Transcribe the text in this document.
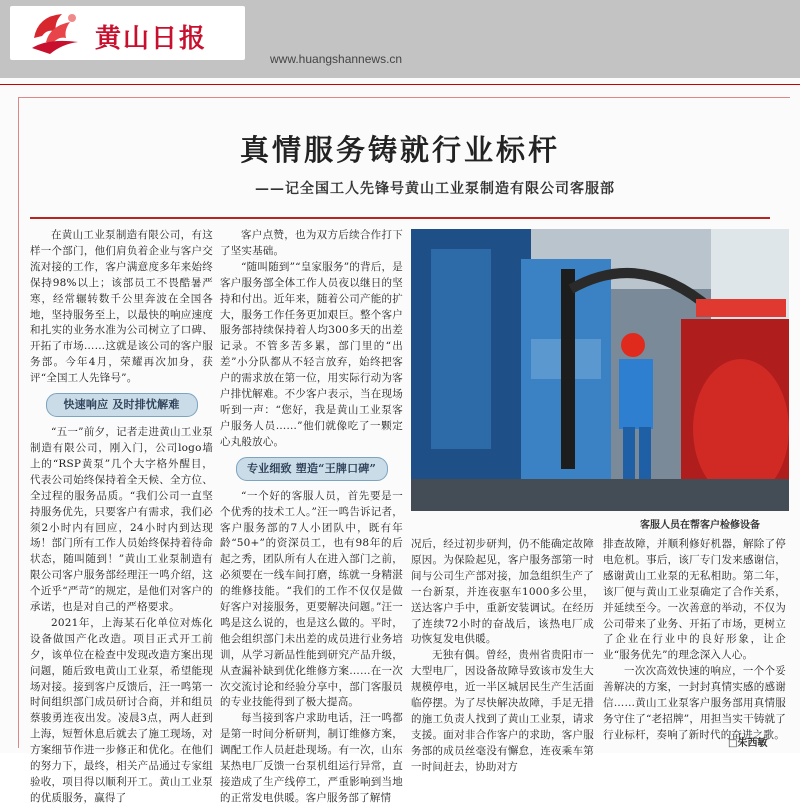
黄山日报
www.huangshannews.cn
真情服务铸就行业标杆
——记全国工人先锋号黄山工业泵制造有限公司客服部

在黄山工业泵制造有限公司，有这样一个部门，他们肩负着企业与客户交流对接的工作，客户满意度多年来始终保持98%以上；该部员工不畏酷暑严寒，经常辗转数千公里奔波在全国各地，坚持服务至上，以最快的响应速度和扎实的业务水准为公司树立了口碑、开拓了市场……这就是该公司的客户服务部。今年4月，荣耀再次加身，获评“全国工人先锋号”。

快速响应 及时排忧解难

“五一”前夕，记者走进黄山工业泵制造有限公司，刚入门，公司logo墙上的“RSP黄泵”几个大字格外醒目，代表公司始终保持着全天候、全方位、全过程的服务品质。“我们公司一直坚持服务优先，只要客户有需求，我们必须2小时内有回应，24小时内到达现场！部门所有工作人员始终保持着待命状态，随叫随到！”黄山工业泵制造有限公司客户服务部经理汪一鸣介绍，这个近乎“严苛”的规定，是他们对客户的承诺，也是对自己的严格要求。

2021年，上海某石化单位对炼化设备做国产化改造。项目正式开工前夕，该单位在检查中发现改造方案出现问题，随后致电黄山工业泵，希望能现场对接。接到客户反馈后，汪一鸣第一时间组织部门成员研讨合商，并和组员蔡骏勇连夜出发。凌晨3点，两人赶到上海，短暂休息后就去了施工现场，对方案细节作进一步修正和优化。在他们的努力下，最终，相关产品通过专家组验收，项目得以顺利开工。黄山工业泵的优质服务，赢得了

客户点赞，也为双方后续合作打下了坚实基础。

“随叫随到”“皇家服务”的背后，是客户服务部全体工作人员夜以继日的坚持和付出。近年来，随着公司产能的扩大，服务工作任务更加艰巨。整个客户服务部持续保持着人均300多天的出差记录。不管多苦多累，部门里的“出差”小分队都从不轻言放弃，始终把客户的需求放在第一位，用实际行动为客户排忧解难。不少客户表示，当在现场听到一声：“您好，我是黄山工业泵客户服务人员……”他们就像吃了一颗定心丸般放心。

专业细致 塑造“王牌口碑”

“一个好的客服人员，首先要是一个优秀的技术工人。”汪一鸣告诉记者，客户服务部的7人小团队中，既有年龄“50+”的资深员工，也有98年的后起之秀，团队所有人在进入部门之前，必须要在一线车间打磨，练就一身精湛的维修技能。“我们的工作不仅仅是做好客户对接服务，更要解决问题。”汪一鸣是这么说的，也是这么做的。平时，他会组织部门未出差的成员进行业务培训，从学习新品性能到研究产品升级，从查漏补缺到优化维修方案……在一次次交流讨论和经验分享中，部门客服员的专业技能得到了极大提高。

每当接到客户求助电话，汪一鸣都是第一时间分析研判，制订维修方案，调配工作人员赶赴现场。有一次，山东某热电厂反馈一台泵机组运行异常，直接造成了生产线停工，严重影响到当地的正常发电供暖。客户服务部了解情

客服人员在帮客户检修设备

况后，经过初步研判，仍不能确定故障原因。为保险起见，客户服务部第一时间与公司生产部对接，加急组织生产了一台新泵，并连夜驱车1000多公里，送达客户手中，重新安装调试。在经历了连续72小时的奋战后，该热电厂成功恢复发电供暖。

无独有偶。曾经，贵州省贵阳市一大型电厂，因设备故障导致该市发生大规模停电，近一半区城居民生产生活面临停摆。为了尽快解决故障，手足无措的施工负责人找到了黄山工业泵，请求支援。面对非合作客户的求助，客户服务部的成员丝毫没有懈怠，连夜乘车第一时间赶去，协助对方

排查故障，并顺利修好机器，解除了停电危机。事后，该厂专门发来感谢信，感谢黄山工业泵的无私相助。第二年，该厂便与黄山工业泵确定了合作关系，并延续至今。一次善意的举动，不仅为公司带来了业务、开拓了市场，更树立了企业在行业中的良好形象，让企业“服务优先”的理念深入人心。

一次次高效快速的响应，一个个妥善解决的方案，一封封真情实感的感谢信……黄山工业泵客户服务部用真情服务守住了“老招牌”，用担当实干铸就了行业标杆，奏响了新时代的奋进之歌。

□朱西敏
